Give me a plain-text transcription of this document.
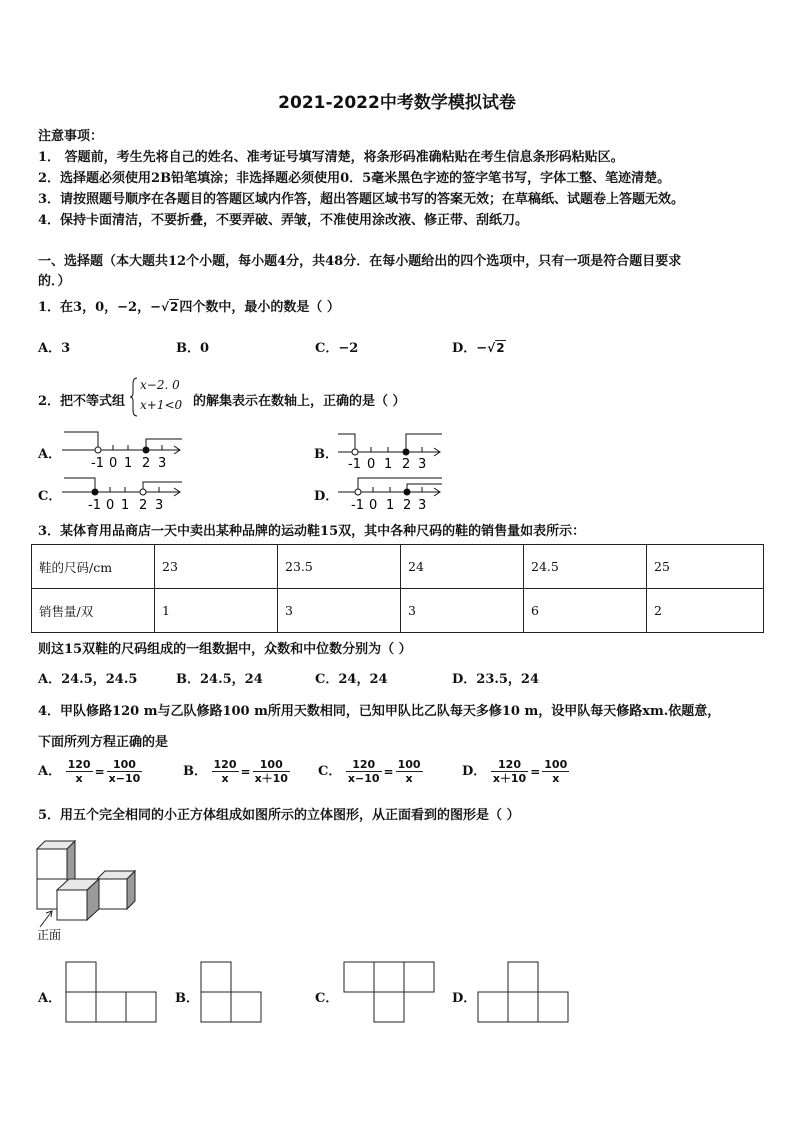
2021-2022中考数学模拟试卷
注意事项：
1． 答题前，考生先将自己的姓名、准考证号填写清楚，将条形码准确粘贴在考生信息条形码粘贴区。
2．选择题必须使用2B铅笔填涂；非选择题必须使用0．5毫米黑色字迹的签字笔书写，字体工整、笔迹清楚。
3．请按照题号顺序在各题目的答题区域内作答，超出答题区域书写的答案无效；在草稿纸、试题卷上答题无效。
4．保持卡面清洁，不要折叠，不要弄破、弄皱，不准使用涂改液、修正带、刮纸刀。
一、选择题（本大题共12个小题，每小题4分，共48分．在每小题给出的四个选项中，只有一项是符合题目要求
的．）
1．在3，0，−2，−√2四个数中，最小的数是（ ）
A．3	B．0	C．−2	D．−√2
2．把不等式组
x−2. 0
x+1<0 的解集表示在数轴上，正确的是（ ）
A．	B．
C．	D．
-1 0 1 2 3	-1 0 1 2 3
-1 0 1 2 3	-1 0 1 2 3
3．某体育用品商店一天中卖出某种品牌的运动鞋15双，其中各种尺码的鞋的销售量如表所示：
鞋的尺码/cm	23	23.5	24	24.5	25
销售量/双	1	3	3	6	2
则这15双鞋的尺码组成的一组数据中，众数和中位数分别为（ ）
A．24.5，24.5	B．24.5，24	C．24，24	D．23.5，24
4．甲队修路120 m与乙队修路100 m所用天数相同，已知甲队比乙队每天多修10 m，设甲队每天修路xm.依题意，
下面所列方程正确的是
A． $\frac{120}{x} = \frac{100}{x-10}$	B． $\frac{120}{x} = \frac{100}{x+10}$ C． $\frac{120}{x-10} = \frac{100}{x}$	D． $\frac{120}{x+10} = \frac{100}{x}$
5．用五个完全相同的小正方体组成如图所示的立体图形，从正面看到的图形是（ ）
正面
A．	B．	C．	D．
